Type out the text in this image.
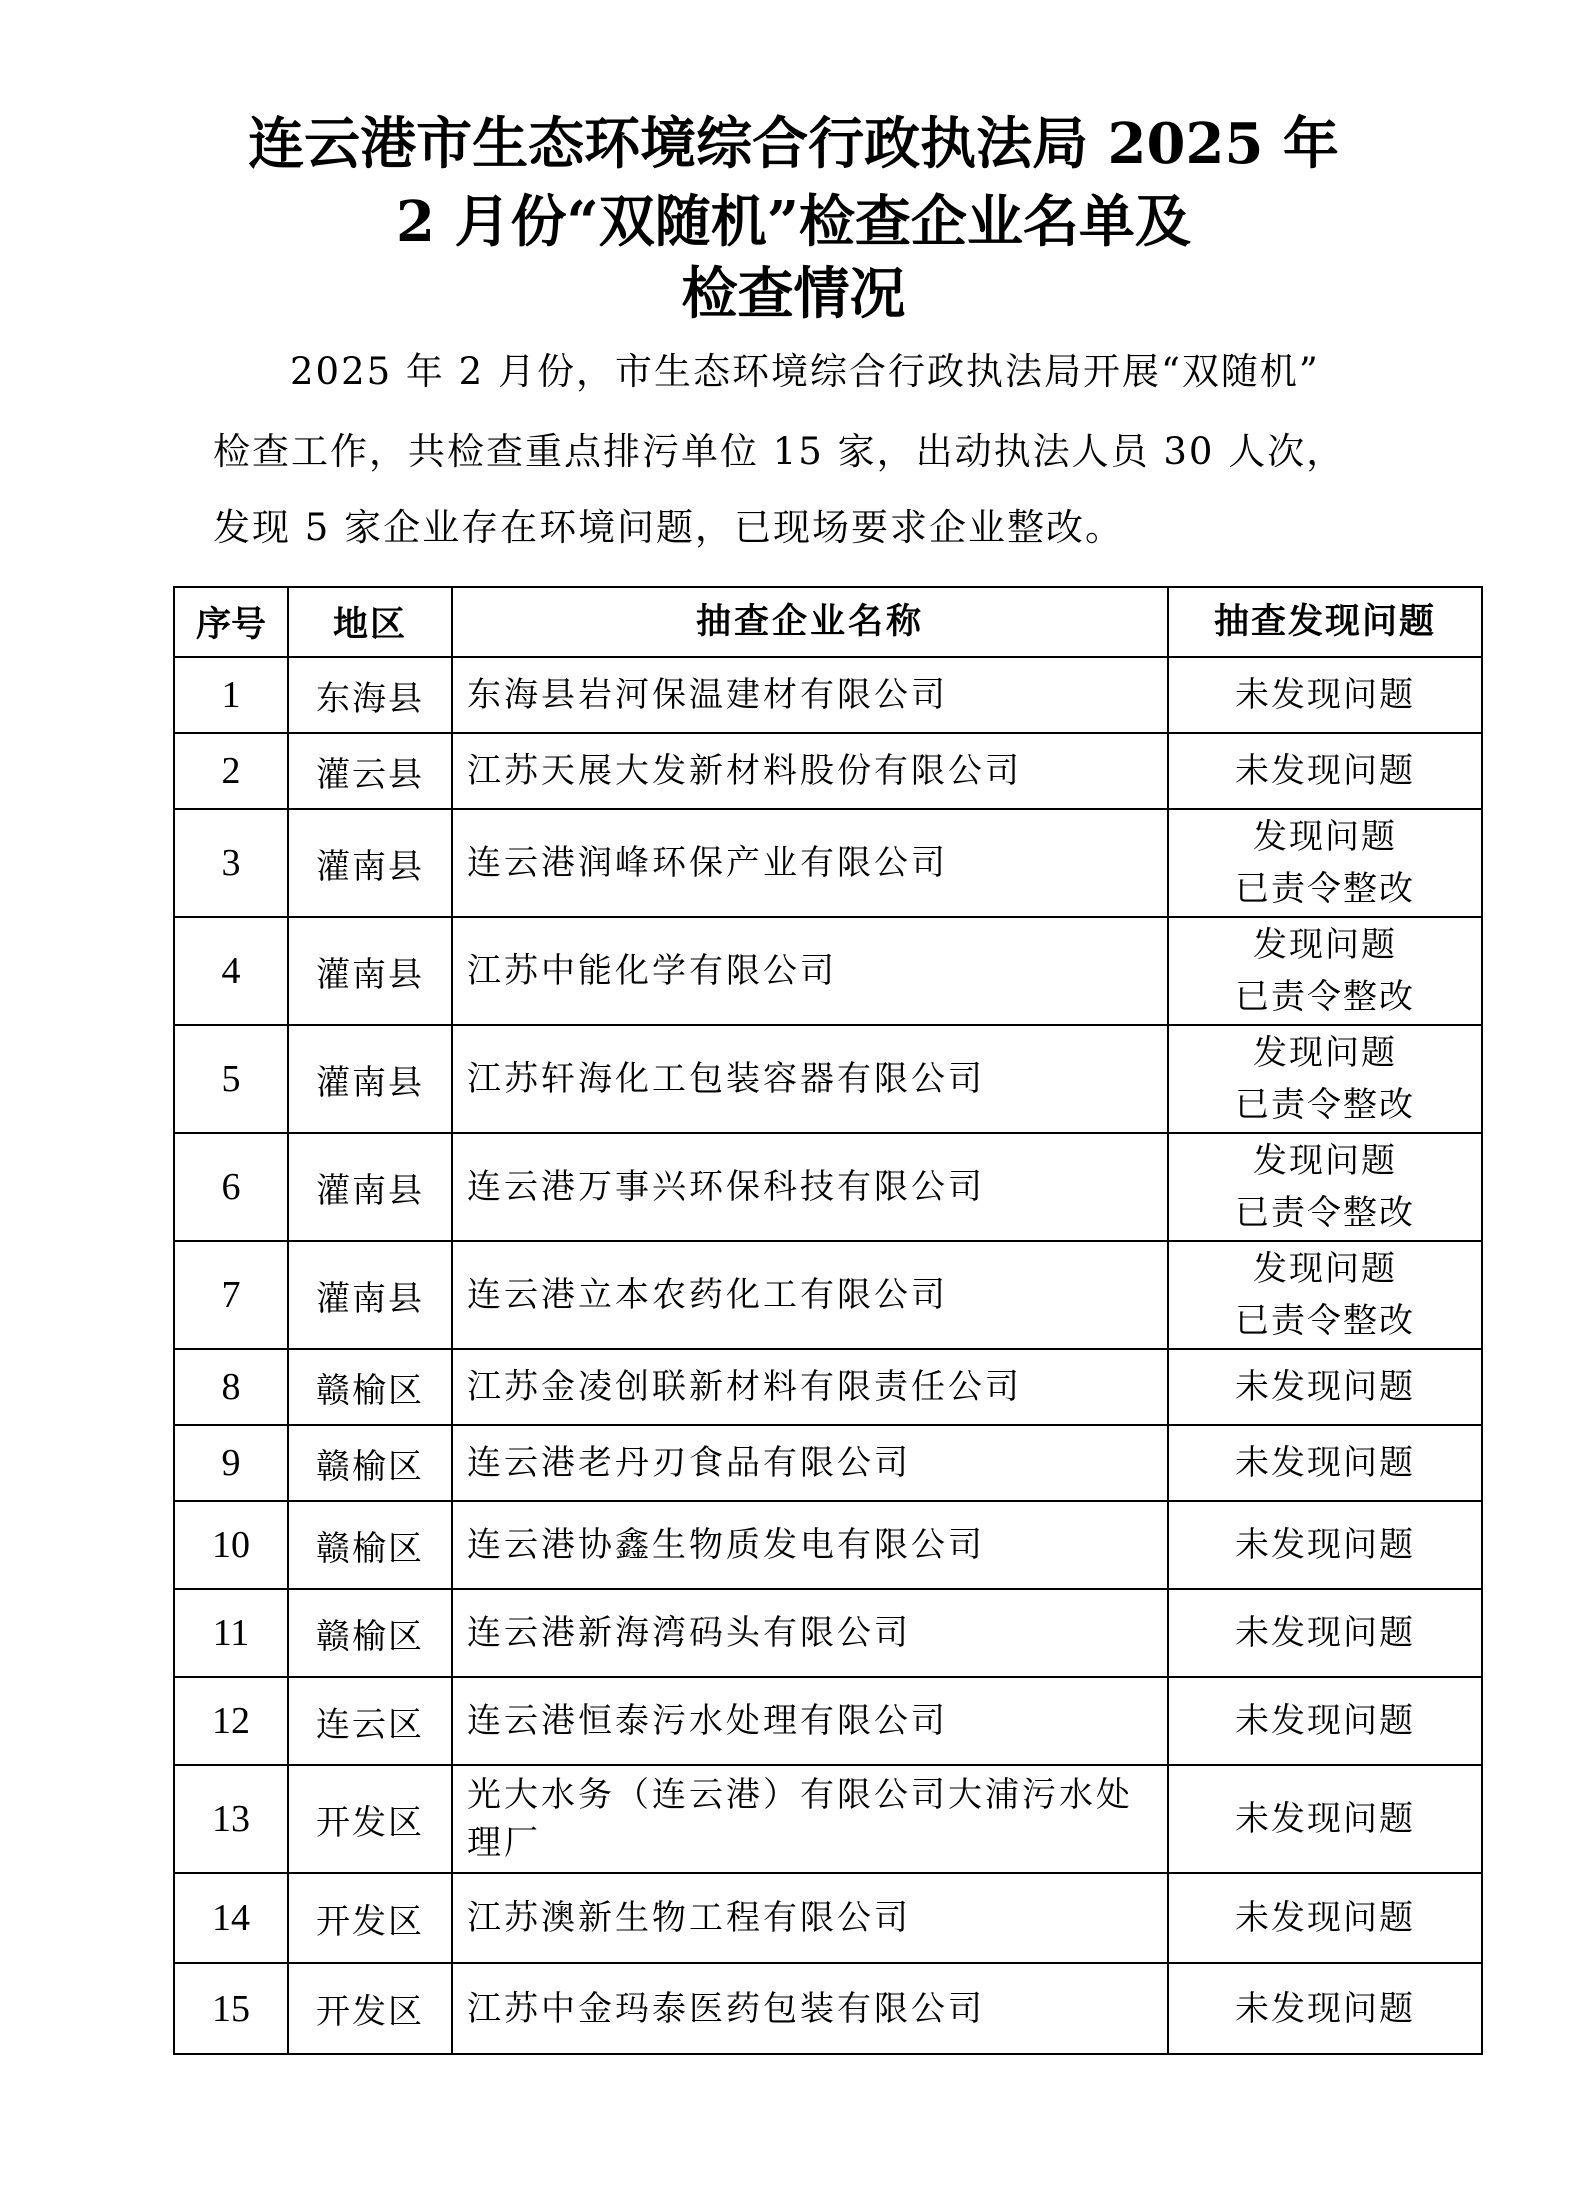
连云港市生态环境综合行政执法局 2025 年
2 月份“双随机”检查企业名单及
检查情况
2025 年 2 月份，市生态环境综合行政执法局开展“双随机”
检查工作，共检查重点排污单位 15 家，出动执法人员 30 人次，
发现 5 家企业存在环境问题，已现场要求企业整改。
序号	地区	抽查企业名称	抽查发现问题
1	东海县	东海县岩河保温建材有限公司	未发现问题

2	灌云县	江苏天展大发新材料股份有限公司	未发现问题

3	灌南县	连云港润峰环保产业有限公司	发现问题
已责令整改

4	灌南县	江苏中能化学有限公司	发现问题
已责令整改

5	灌南县	江苏轩海化工包装容器有限公司	发现问题
已责令整改

6	灌南县	连云港万事兴环保科技有限公司	发现问题
已责令整改

7	灌南县	连云港立本农药化工有限公司	发现问题
已责令整改

8	赣榆区	江苏金凌创联新材料有限责任公司	未发现问题

9	赣榆区	连云港老丹刃食品有限公司	未发现问题

10	赣榆区	连云港协鑫生物质发电有限公司	未发现问题

11	赣榆区	连云港新海湾码头有限公司	未发现问题

12	连云区	连云港恒泰污水处理有限公司	未发现问题

13	开发区	光大水务（连云港）有限公司大浦污水处理厂	未发现问题

14	开发区	江苏澳新生物工程有限公司	未发现问题

15	开发区	江苏中金玛泰医药包装有限公司	未发现问题
